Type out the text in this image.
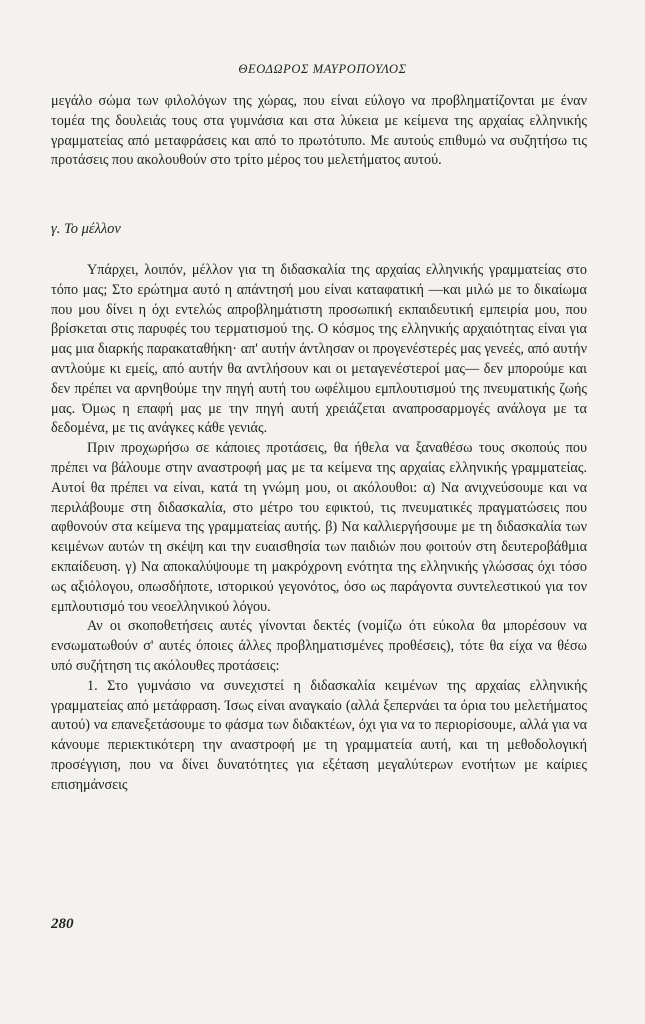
ΘΕΟΔΩΡΟΣ ΜΑΥΡΟΠΟΥΛΟΣ

μεγάλο σώμα των φιλολόγων της χώρας, που είναι εύλογο να προβληματίζονται με έναν τομέα της δουλειάς τους στα γυμνάσια και στα λύκεια με κείμενα της αρχαίας ελληνικής γραμματείας από μεταφράσεις και από το πρωτότυπο. Με αυτούς επιθυμώ να συζητήσω τις προτάσεις που ακολουθούν στο τρίτο μέρος του μελετήματος αυτού.

γ. Το μέλλον

Υπάρχει, λοιπόν, μέλλον για τη διδασκαλία της αρχαίας ελληνικής γραμματείας στο τόπο μας; Στο ερώτημα αυτό η απάντησή μου είναι καταφατική —και μιλώ με το δικαίωμα που μου δίνει η όχι εντελώς απροβλημάτιστη προσωπική εκπαιδευτική εμπειρία μου, που βρίσκεται στις παρυφές του τερματισμού της. Ο κόσμος της ελληνικής αρχαιότητας είναι για μας μια διαρκής παρακαταθήκη· απ' αυτήν άντλησαν οι προγενέστερές μας γενεές, από αυτήν αντλούμε κι εμείς, από αυτήν θα αντλήσουν και οι μεταγενέστεροί μας— δεν μπορούμε και δεν πρέπει να αρνηθούμε την πηγή αυτή του ωφέλιμου εμπλουτισμού της πνευματικής ζωής μας. Όμως η επαφή μας με την πηγή αυτή χρειάζεται αναπροσαρμογές ανάλογα με τα δεδομένα, με τις ανάγκες κάθε γενιάς.

Πριν προχωρήσω σε κάποιες προτάσεις, θα ήθελα να ξαναθέσω τους σκοπούς που πρέπει να βάλουμε στην αναστροφή μας με τα κείμενα της αρχαίας ελληνικής γραμματείας. Αυτοί θα πρέπει να είναι, κατά τη γνώμη μου, οι ακόλουθοι: α) Να ανιχνεύσουμε και να περιλάβουμε στη διδασκαλία, στο μέτρο του εφικτού, τις πνευματικές πραγματώσεις που αφθονούν στα κείμενα της γραμματείας αυτής. β) Να καλλιεργήσουμε με τη διδασκαλία των κειμένων αυτών τη σκέψη και την ευαισθησία των παιδιών που φοιτούν στη δευτεροβάθμια εκπαίδευση. γ) Να αποκαλύψουμε τη μακρόχρονη ενότητα της ελληνικής γλώσσας όχι τόσο ως αξιόλογου, οπωσδήποτε, ιστορικού γεγονότος, όσο ως παράγοντα συντελεστικού για τον εμπλουτισμό του νεοελληνικού λόγου.

Αν οι σκοποθετήσεις αυτές γίνονται δεκτές (νομίζω ότι εύκολα θα μπορέσουν να ενσωματωθούν σ' αυτές όποιες άλλες προβληματισμένες προθέσεις), τότε θα είχα να θέσω υπό συζήτηση τις ακόλουθες προτάσεις:

1. Στο γυμνάσιο να συνεχιστεί η διδασκαλία κειμένων της αρχαίας ελληνικής γραμματείας από μετάφραση. Ίσως είναι αναγκαίο (αλλά ξεπερνάει τα όρια του μελετήματος αυτού) να επανεξετάσουμε το φάσμα των διδακτέων, όχι για να το περιορίσουμε, αλλά για να κάνουμε περιεκτικότερη την αναστροφή με τη γραμματεία αυτή, και τη μεθοδολογική προσέγγιση, που να δίνει δυνατότητες για εξέταση μεγαλύτερων ενοτήτων με καίριες επισημάνσεις

280
